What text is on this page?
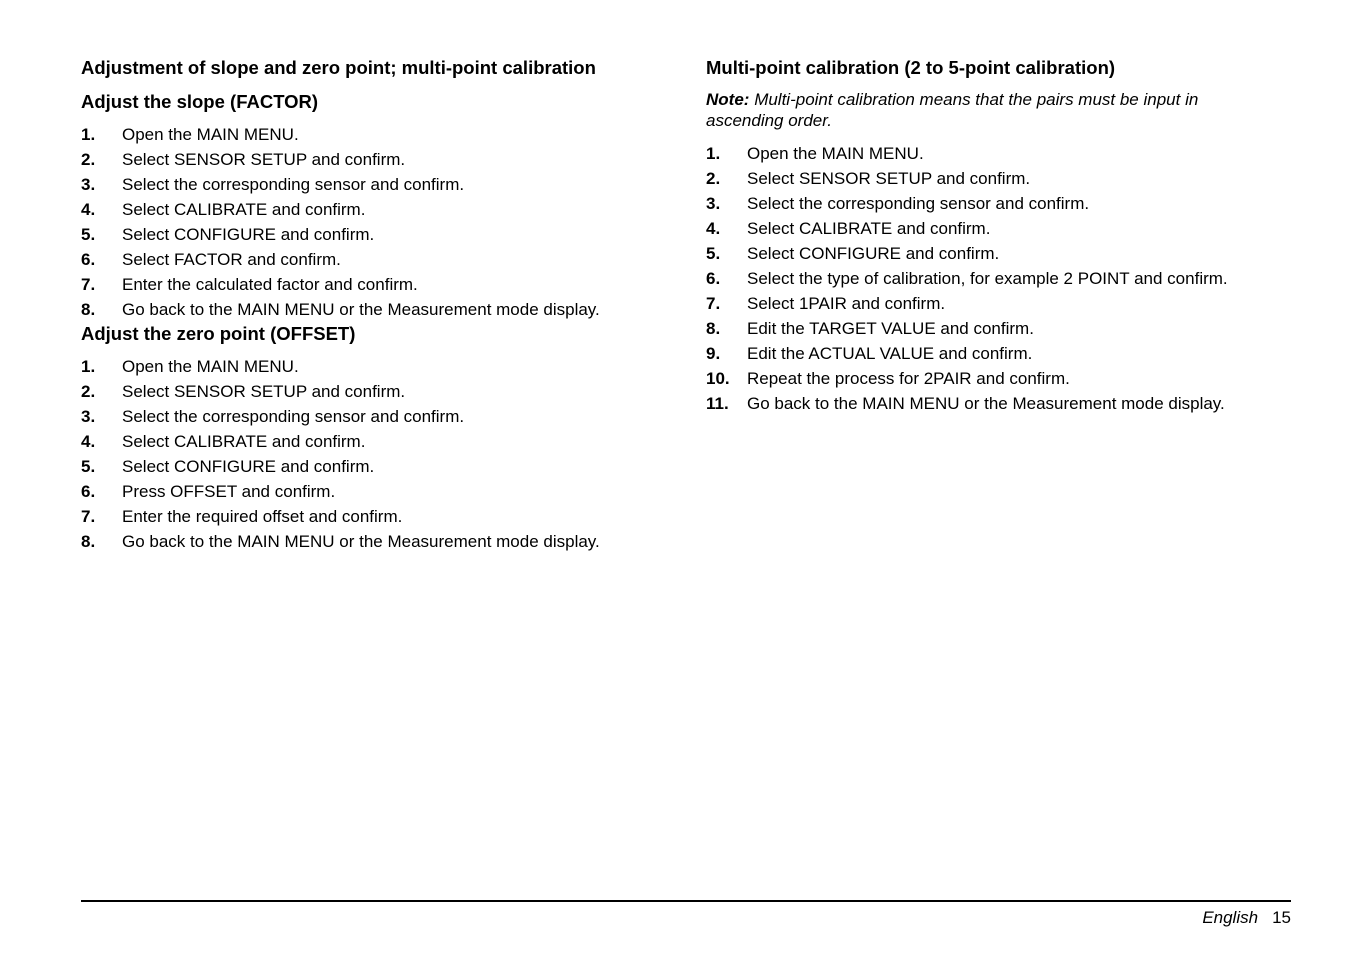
Adjustment of slope and zero point; multi-point calibration
Adjust the slope (FACTOR)
1. Open the MAIN MENU.
2. Select SENSOR SETUP and confirm.
3. Select the corresponding sensor and confirm.
4. Select CALIBRATE and confirm.
5. Select CONFIGURE and confirm.
6. Select FACTOR and confirm.
7. Enter the calculated factor and confirm.
8. Go back to the MAIN MENU or the Measurement mode display.
Adjust the zero point (OFFSET)
1. Open the MAIN MENU.
2. Select SENSOR SETUP and confirm.
3. Select the corresponding sensor and confirm.
4. Select CALIBRATE and confirm.
5. Select CONFIGURE and confirm.
6. Press OFFSET and confirm.
7. Enter the required offset and confirm.
8. Go back to the MAIN MENU or the Measurement mode display.
Multi-point calibration (2 to 5-point calibration)
Note: Multi-point calibration means that the pairs must be input in ascending order.
1. Open the MAIN MENU.
2. Select SENSOR SETUP and confirm.
3. Select the corresponding sensor and confirm.
4. Select CALIBRATE and confirm.
5. Select CONFIGURE and confirm.
6. Select the type of calibration, for example 2 POINT and confirm.
7. Select 1PAIR and confirm.
8. Edit the TARGET VALUE and confirm.
9. Edit the ACTUAL VALUE and confirm.
10. Repeat the process for 2PAIR and confirm.
11. Go back to the MAIN MENU or the Measurement mode display.
English 15
